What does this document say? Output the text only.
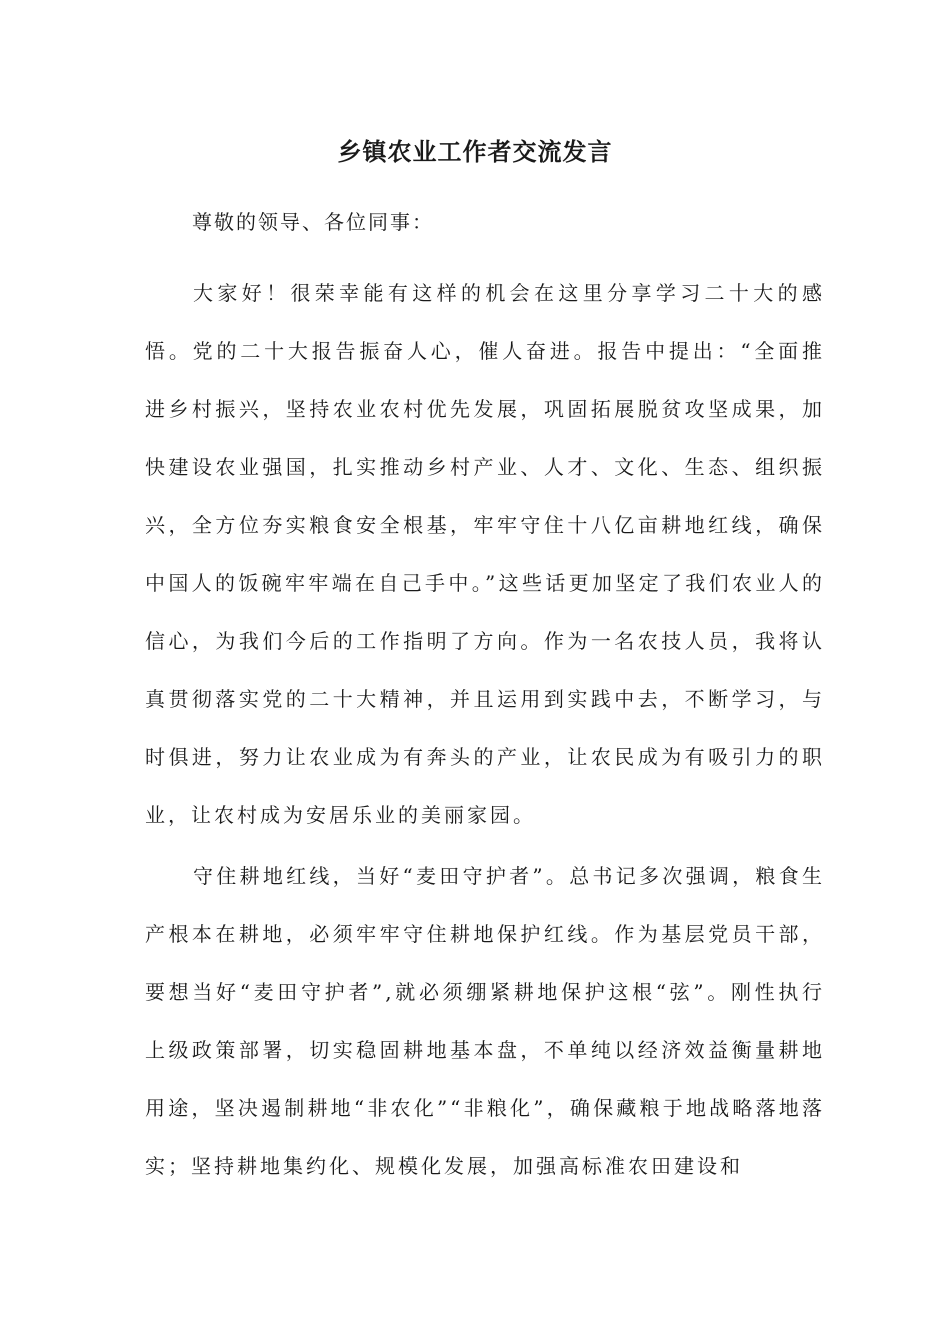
乡镇农业工作者交流发言
尊敬的领导、各位同事：

大家好！很荣幸能有这样的机会在这里分享学习二十大的感悟。党的二十大报告振奋人心，催人奋进。报告中提出：“全面推进乡村振兴，坚持农业农村优先发展，巩固拓展脱贫攻坚成果，加快建设农业强国，扎实推动乡村产业、人才、文化、生态、组织振兴，全方位夯实粮食安全根基，牢牢守住十八亿亩耕地红线，确保中国人的饭碗牢牢端在自己手中。”这些话更加坚定了我们农业人的信心，为我们今后的工作指明了方向。作为一名农技人员，我将认真贯彻落实党的二十大精神，并且运用到实践中去，不断学习，与时俱进，努力让农业成为有奔头的产业，让农民成为有吸引力的职业，让农村成为安居乐业的美丽家园。

守住耕地红线，当好“麦田守护者”。总书记多次强调，粮食生产根本在耕地，必须牢牢守住耕地保护红线。作为基层党员干部，要想当好“麦田守护者”,就必须绷紧耕地保护这根“弦”。刚性执行上级政策部署，切实稳固耕地基本盘，不单纯以经济效益衡量耕地用途，坚决遏制耕地“非农化”“非粮化”，确保藏粮于地战略落地落实；坚持耕地集约化、规模化发展，加强高标准农田建设和
